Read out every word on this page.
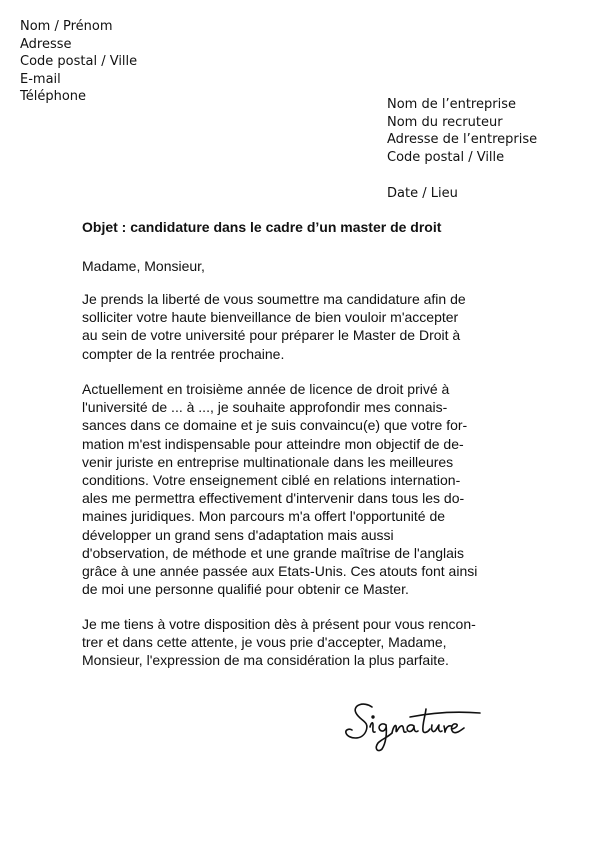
Nom / Prénom
Adresse
Code postal / Ville
E-mail
Téléphone
Nom de l’entreprise
Nom du recruteur
Adresse de l’entreprise
Code postal / Ville
Date / Lieu

Objet : candidature dans le cadre d’un master de droit

Madame, Monsieur,

Je prends la liberté de vous soumettre ma candidature afin de
solliciter votre haute bienveillance de bien vouloir m'accepter
au sein de votre université pour préparer le Master de Droit à
compter de la rentrée prochaine.

Actuellement en troisième année de licence de droit privé à
l'université de ... à ..., je souhaite approfondir mes connais-
sances dans ce domaine et je suis convaincu(e) que votre for-
mation m'est indispensable pour atteindre mon objectif de de-
venir juriste en entreprise multinationale dans les meilleures
conditions. Votre enseignement ciblé en relations internation-
ales me permettra effectivement d'intervenir dans tous les do-
maines juridiques. Mon parcours m'a offert l'opportunité de
développer un grand sens d'adaptation mais aussi
d'observation, de méthode et une grande maîtrise de l'anglais
grâce à une année passée aux Etats-Unis. Ces atouts font ainsi
de moi une personne qualifié pour obtenir ce Master.

Je me tiens à votre disposition dès à présent pour vous rencon-
trer et dans cette attente, je vous prie d'accepter, Madame,
Monsieur, l'expression de ma considération la plus parfaite.
